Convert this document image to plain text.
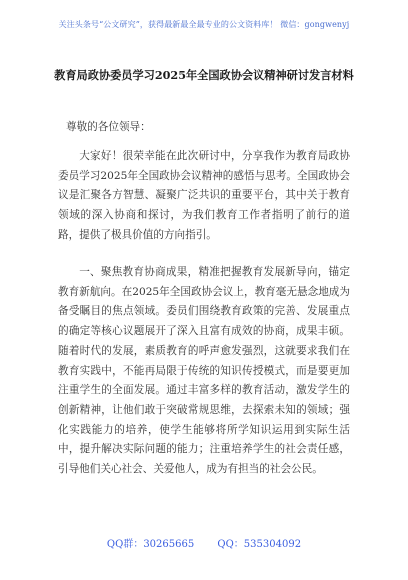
关注头条号“公文研究”，获得最新最全最专业的公文资料库！ 微信：gongwenyj
教育局政协委员学习2025年全国政协会议精神研讨发言材料
尊敬的各位领导：

大家好！很荣幸能在此次研讨中，分享我作为教育局政协委员学习2025年全国政协会议精神的感悟与思考。全国政协会议是汇聚各方智慧、凝聚广泛共识的重要平台，其中关于教育领域的深入协商和探讨，为我们教育工作者指明了前行的道路，提供了极具价值的方向指引。

一、聚焦教育协商成果，精准把握教育发展新导向，锚定教育新航向。在2025年全国政协会议上，教育毫无悬念地成为备受瞩目的焦点领域。委员们围绕教育政策的完善、发展重点的确定等核心议题展开了深入且富有成效的协商，成果丰硕。随着时代的发展，素质教育的呼声愈发强烈，这就要求我们在教育实践中，不能再局限于传统的知识传授模式，而是要更加注重学生的全面发展。通过丰富多样的教育活动，激发学生的创新精神，让他们敢于突破常规思维，去探索未知的领域；强化实践能力的培养，使学生能够将所学知识运用到实际生活中，提升解决实际问题的能力；注重培养学生的社会责任感，引导他们关心社会、关爱他人，成为有担当的社会公民。

QQ群：30265665 QQ：535304092
